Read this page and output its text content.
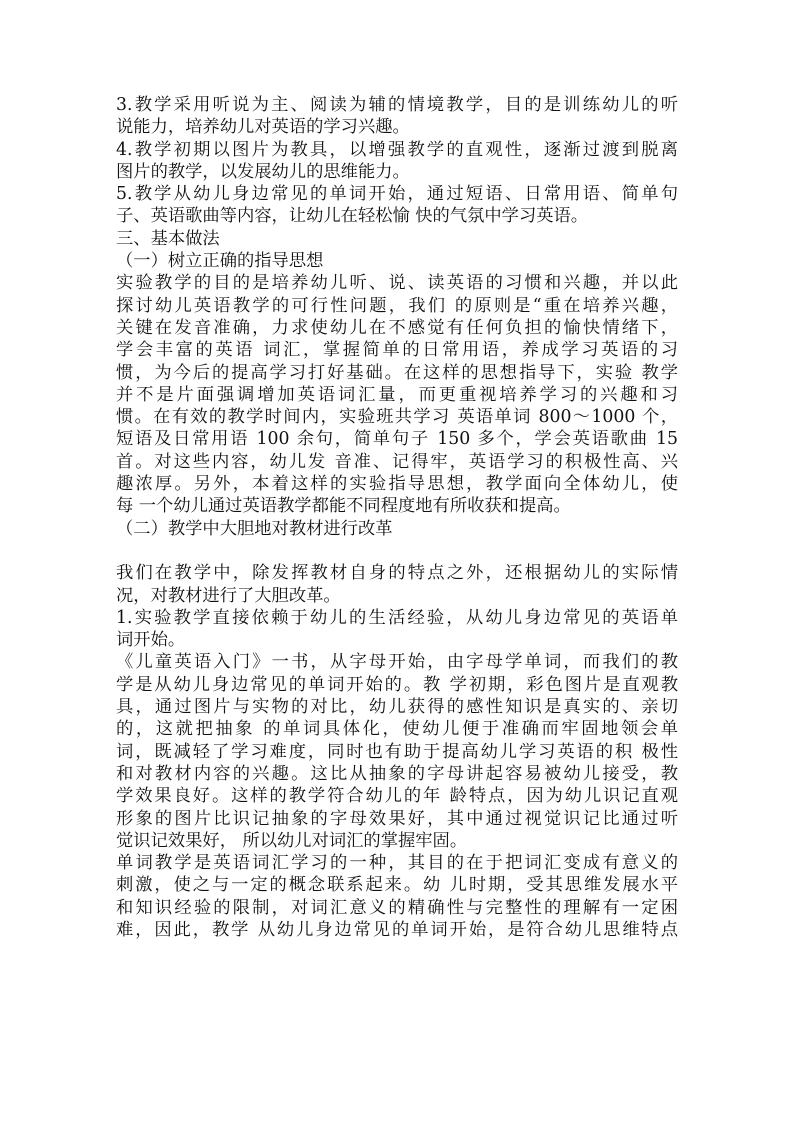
3.教学采用听说为主、阅读为辅的情境教学，目的是训练幼儿的听
说能力，培养幼儿对英语的学习兴趣。
4.教学初期以图片为教具，以增强教学的直观性，逐渐过渡到脱离
图片的教学，以发展幼儿的思维能力。
5.教学从幼儿身边常见的单词开始，通过短语、日常用语、简单句
子、英语歌曲等内容，让幼儿在轻松愉 快的气氛中学习英语。
三、基本做法
（一）树立正确的指导思想
实验教学的目的是培养幼儿听、说、读英语的习惯和兴趣，并以此
探讨幼儿英语教学的可行性问题，我们 的原则是“重在培养兴趣，
关键在发音准确，力求使幼儿在不感觉有任何负担的愉快情绪下，
学会丰富的英语 词汇，掌握简单的日常用语，养成学习英语的习
惯，为今后的提高学习打好基础。在这样的思想指导下，实验 教学
并不是片面强调增加英语词汇量，而更重视培养学习的兴趣和习
惯。在有效的教学时间内，实验班共学习 英语单词 800～1000 个，
短语及日常用语 100 余句，简单句子 150 多个，学会英语歌曲 15
首。对这些内容，幼儿发 音准、记得牢，英语学习的积极性高、兴
趣浓厚。另外，本着这样的实验指导思想，教学面向全体幼儿，使
每 一个幼儿通过英语教学都能不同程度地有所收获和提高。
（二）教学中大胆地对教材进行改革
我们在教学中，除发挥教材自身的特点之外，还根据幼儿的实际情
况，对教材进行了大胆改革。
1.实验教学直接依赖于幼儿的生活经验，从幼儿身边常见的英语单
词开始。
《儿童英语入门》一书，从字母开始，由字母学单词，而我们的教
学是从幼儿身边常见的单词开始的。教 学初期，彩色图片是直观教
具，通过图片与实物的对比，幼儿获得的感性知识是真实的、亲切
的，这就把抽象 的单词具体化，使幼儿便于准确而牢固地领会单
词，既减轻了学习难度，同时也有助于提高幼儿学习英语的积 极性
和对教材内容的兴趣。这比从抽象的字母讲起容易被幼儿接受，教
学效果良好。这样的教学符合幼儿的年 龄特点，因为幼儿识记直观
形象的图片比识记抽象的字母效果好，其中通过视觉识记比通过听
觉识记效果好， 所以幼儿对词汇的掌握牢固。
单词教学是英语词汇学习的一种，其目的在于把词汇变成有意义的
刺激，使之与一定的概念联系起来。幼 儿时期，受其思维发展水平
和知识经验的限制，对词汇意义的精确性与完整性的理解有一定困
难，因此，教学 从幼儿身边常见的单词开始，是符合幼儿思维特点
